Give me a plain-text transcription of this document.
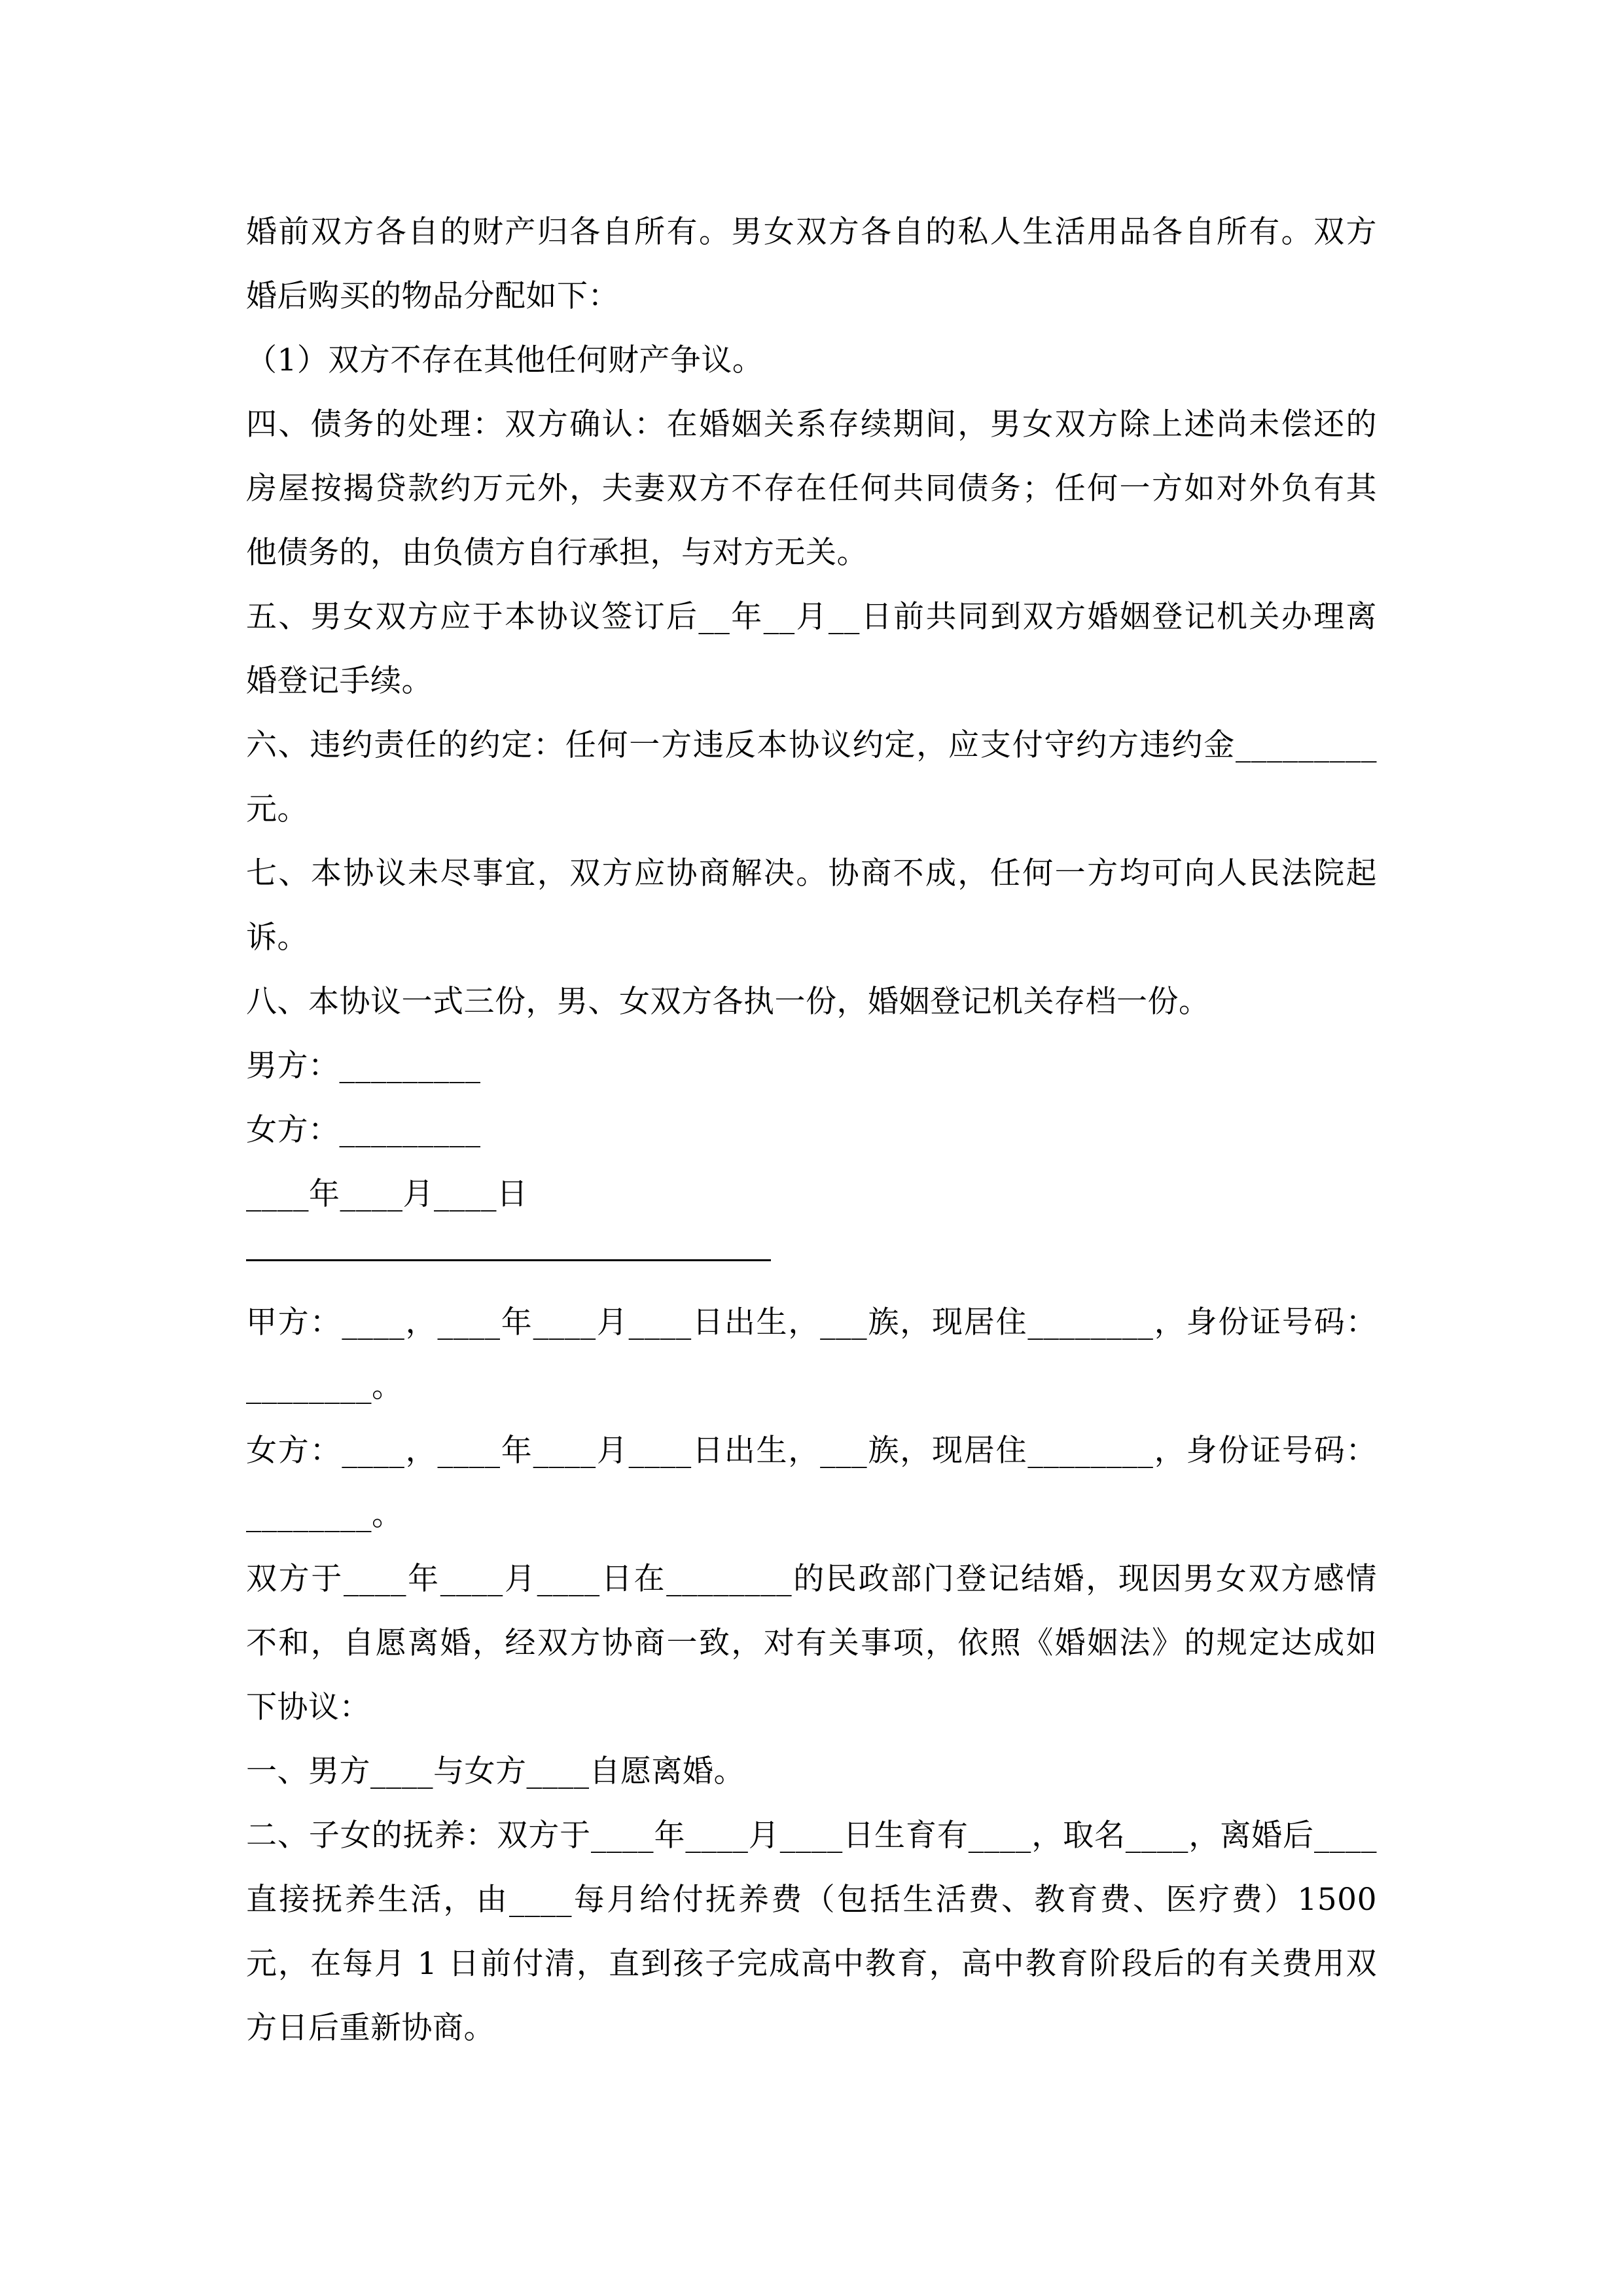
婚前双方各自的财产归各自所有。男女双方各自的私人生活用品各自所有。双方
婚后购买的物品分配如下：
（1）双方不存在其他任何财产争议。
四、债务的处理：双方确认：在婚姻关系存续期间，男女双方除上述尚未偿还的
房屋按揭贷款约万元外，夫妻双方不存在任何共同债务；任何一方如对外负有其
他债务的，由负债方自行承担，与对方无关。
五、男女双方应于本协议签订后__年__月__日前共同到双方婚姻登记机关办理离
婚登记手续。
六、违约责任的约定：任何一方违反本协议约定，应支付守约方违约金_________
元。
七、本协议未尽事宜，双方应协商解决。协商不成，任何一方均可向人民法院起
诉。
八、本协议一式三份，男、女双方各执一份，婚姻登记机关存档一份。
男方：_________
女方：_________
____年____月____日
甲方：____，____年____月____日出生，___族，现居住________，身份证号码：
________。
女方：____，____年____月____日出生，___族，现居住________，身份证号码：
________。
双方于____年____月____日在________的民政部门登记结婚，现因男女双方感情
不和，自愿离婚，经双方协商一致，对有关事项，依照《婚姻法》的规定达成如
下协议：
一、男方____与女方____自愿离婚。
二、子女的抚养：双方于____年____月____日生育有____，取名____，离婚后____
直接抚养生活，由____每月给付抚养费（包括生活费、教育费、医疗费）1500
元，在每月 1 日前付清，直到孩子完成高中教育，高中教育阶段后的有关费用双
方日后重新协商。
